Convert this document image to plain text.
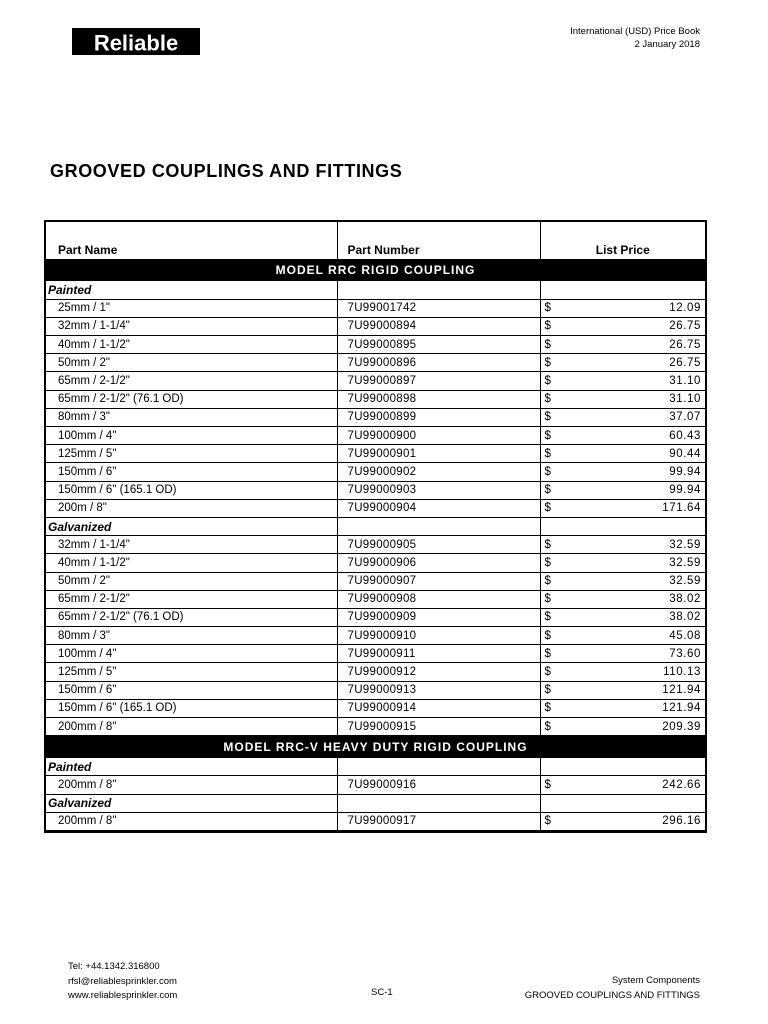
Reliable	International (USD) Price Book
2 January 2018
GROOVED COUPLINGS AND FITTINGS
Part Name	Part Number	List Price
MODEL RRC RIGID COUPLING		
Painted		
25mm / 1"	7U99001742	$ 12.09

32mm / 1-1/4"	7U99000894	$ 26.75

40mm / 1-1/2"	7U99000895	$ 26.75

50mm / 2"	7U99000896	$ 26.75

65mm / 2-1/2"	7U99000897	$ 31.10

65mm / 2-1/2" (76.1 OD)	7U99000898	$ 31.10

80mm / 3"	7U99000899	$ 37.07

100mm / 4"	7U99000900	$ 60.43

125mm / 5"	7U99000901	$ 90.44

150mm / 6"	7U99000902	$ 99.94

150mm / 6" (165.1 OD)	7U99000903	$ 99.94

200m / 8"	7U99000904	$ 171.64

Galvanized		
32mm / 1-1/4"	7U99000905	$ 32.59

40mm / 1-1/2"	7U99000906	$ 32.59

50mm / 2"	7U99000907	$ 32.59

65mm / 2-1/2"	7U99000908	$ 38.02

65mm / 2-1/2" (76.1 OD)	7U99000909	$ 38.02

80mm / 3"	7U99000910	$ 45.08

100mm / 4"	7U99000911	$ 73.60

125mm / 5"	7U99000912	$ 110.13

150mm / 6"	7U99000913	$ 121.94

150mm / 6" (165.1 OD)	7U99000914	$ 121.94

200mm / 8"	7U99000915	$ 209.39

MODEL RRC-V HEAVY DUTY RIGID COUPLING		
Painted		
200mm / 8"	7U99000916	$ 242.66

Galvanized		
200mm / 8"	7U99000917	$ 296.16
Tel: +44.1342.316800
rfsl@reliablesprinkler.com
www.reliablesprinkler.com	SC-1
System Components
GROOVED COUPLINGS AND FITTINGS
